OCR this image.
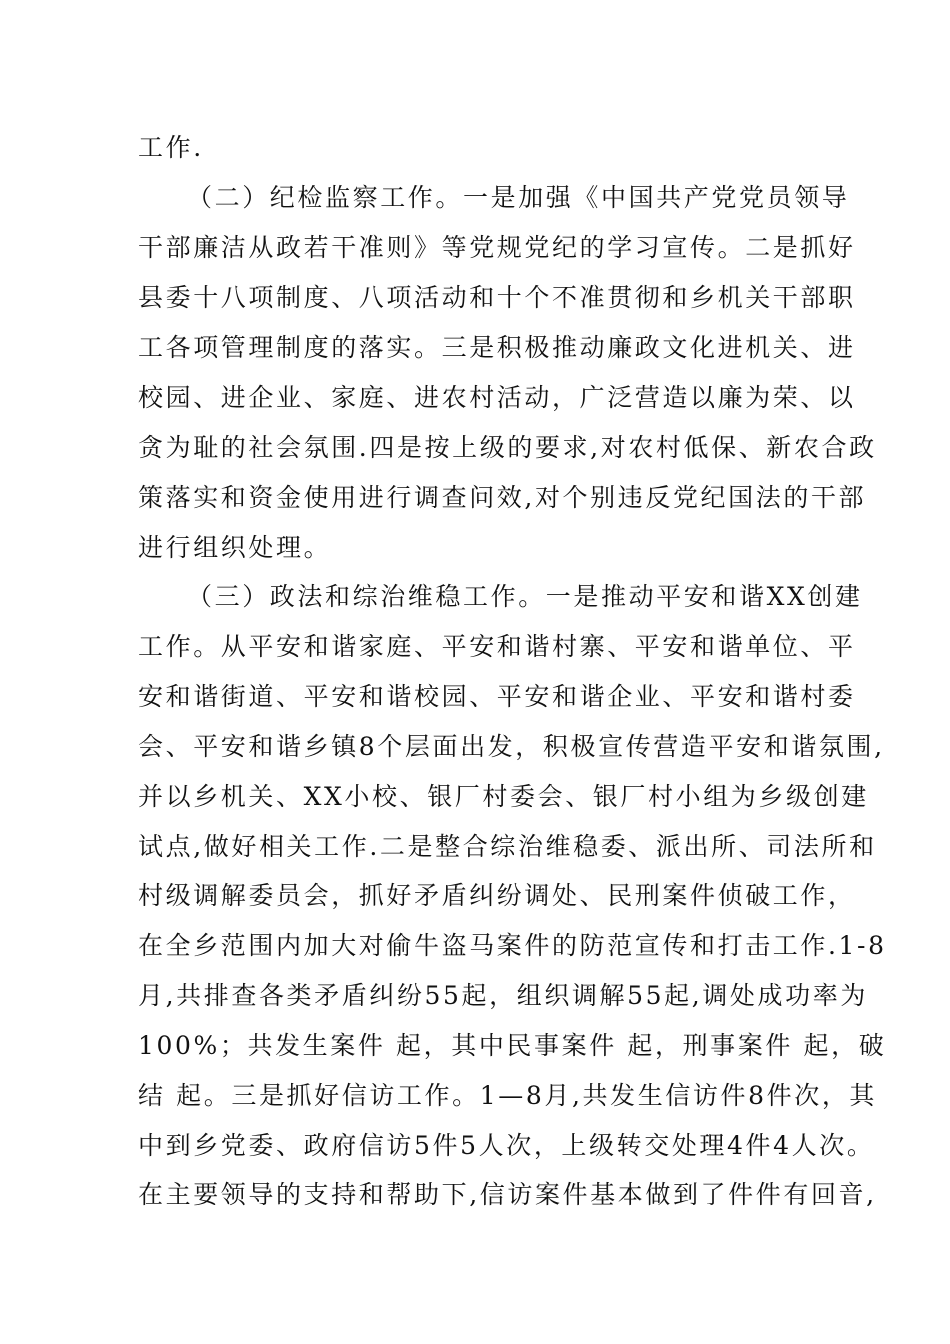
工作.
（二）纪检监察工作。一是加强《中国共产党党员领导
干部廉洁从政若干准则》等党规党纪的学习宣传。二是抓好
县委十八项制度、八项活动和十个不准贯彻和乡机关干部职
工各项管理制度的落实。三是积极推动廉政文化进机关、进
校园、进企业、家庭、进农村活动，广泛营造以廉为荣、以
贪为耻的社会氛围.四是按上级的要求,对农村低保、新农合政
策落实和资金使用进行调查问效,对个别违反党纪国法的干部
进行组织处理。
（三）政法和综治维稳工作。一是推动平安和谐XX创建
工作。从平安和谐家庭、平安和谐村寨、平安和谐单位、平
安和谐街道、平安和谐校园、平安和谐企业、平安和谐村委
会、平安和谐乡镇8个层面出发，积极宣传营造平安和谐氛围,
并以乡机关、XX小校、银厂村委会、银厂村小组为乡级创建
试点,做好相关工作.二是整合综治维稳委、派出所、司法所和
村级调解委员会，抓好矛盾纠纷调处、民刑案件侦破工作，
在全乡范围内加大对偷牛盗马案件的防范宣传和打击工作.1-8
月,共排查各类矛盾纠纷55起，组织调解55起,调处成功率为
100%；共发生案件 起，其中民事案件 起，刑事案件 起，破
结 起。三是抓好信访工作。1—8月,共发生信访件8件次，其
中到乡党委、政府信访5件5人次，上级转交处理4件4人次。
在主要领导的支持和帮助下,信访案件基本做到了件件有回音,
